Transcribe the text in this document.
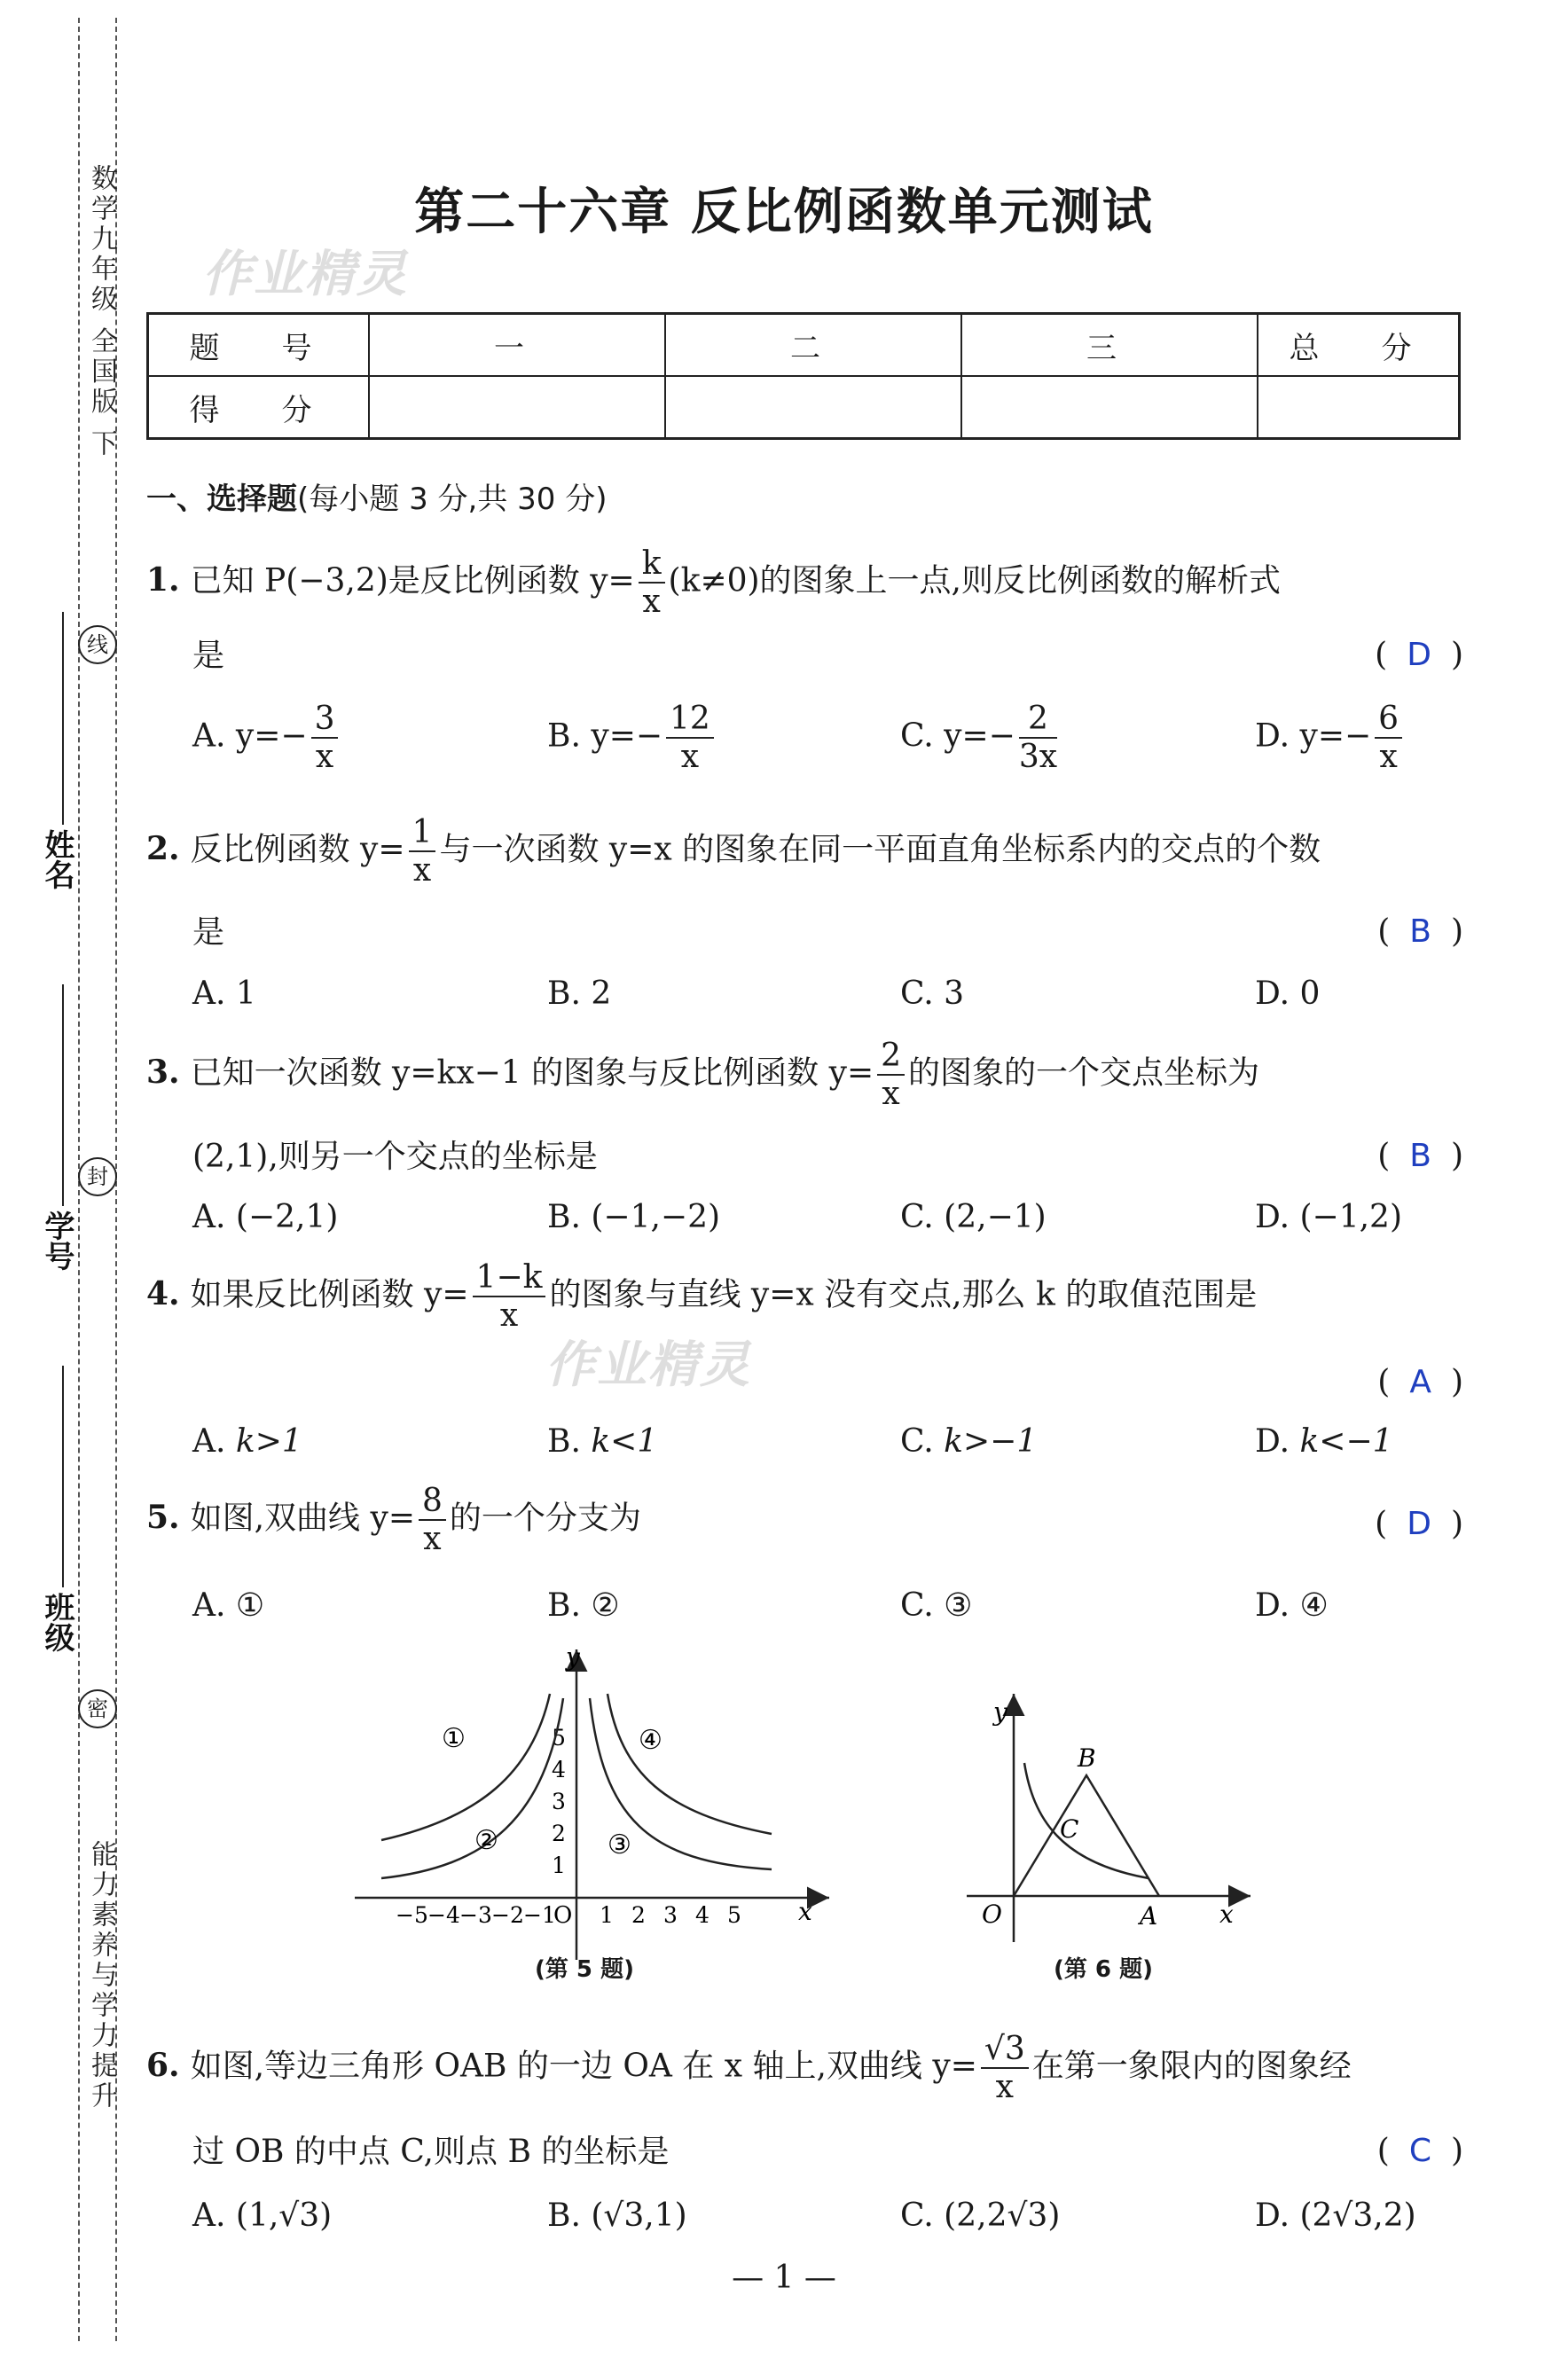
数学九年级 全国版 下
能力素养与学力提升
姓名
学号
班级
线
封
密
作业精灵
作业精灵
第二十六章 反比例函数单元测试
题　号	一	二	三	总　分
得　分				
一、选择题(每小题 3 分,共 30 分)
1. 已知 P(−3,2)是反比例函数 $y= \frac{k}{x} (k\ne 0)$的图象上一点,则反比例函数的解析式
是	( D )
A. $y=- \frac{3}{x}$	B. $y=- \frac{12}{x}$	C. $y=- \frac{2}{3x}$	D. $y=- \frac{6}{x}$
2. 反比例函数 $y= \frac{1}{x}$ 与一次函数 y=x 的图象在同一平面直角坐标系内的交点的个数
是	( B )
A. 1	B. 2	C. 3	D. 0
3. 已知一次函数 y=kx−1 的图象与反比例函数 $y= \frac{2}{x}$ 的图象的一个交点坐标为
(2,1),则另一个交点的坐标是	( B )
A. (−2,1)	B. (−1,−2)	C. (2,−1)	D. (−1,2)
4. 如果反比例函数 $y= \frac{1-k}{x}$ 的图象与直线 y=x 没有交点,那么 k 的取值范围是
( A )
A. k>1	B. k<1	C. k>−1	D. k<−1
5. 如图,双曲线 $y= \frac{8}{x}$ 的一个分支为	( D )
A. ①	B. ②	C. ③	D. ④
y
x
O
−5 −4 −3 −2 −1 1 2 3 4 5
1
2
3
4
5
①
②	③
④
(第 5 题)
y
x
O	A
B
C
(第 6 题)
6. 如图,等边三角形 OAB 的一边 OA 在 x 轴上,双曲线 $y= \frac{√3}{x}$ 在第一象限内的图象经
过 OB 的中点 C,则点 B 的坐标是	( C )
A. (1,√3)	B. (√3,1)	C. (2,2√3)	D. (2√3,2)
— 1 —
